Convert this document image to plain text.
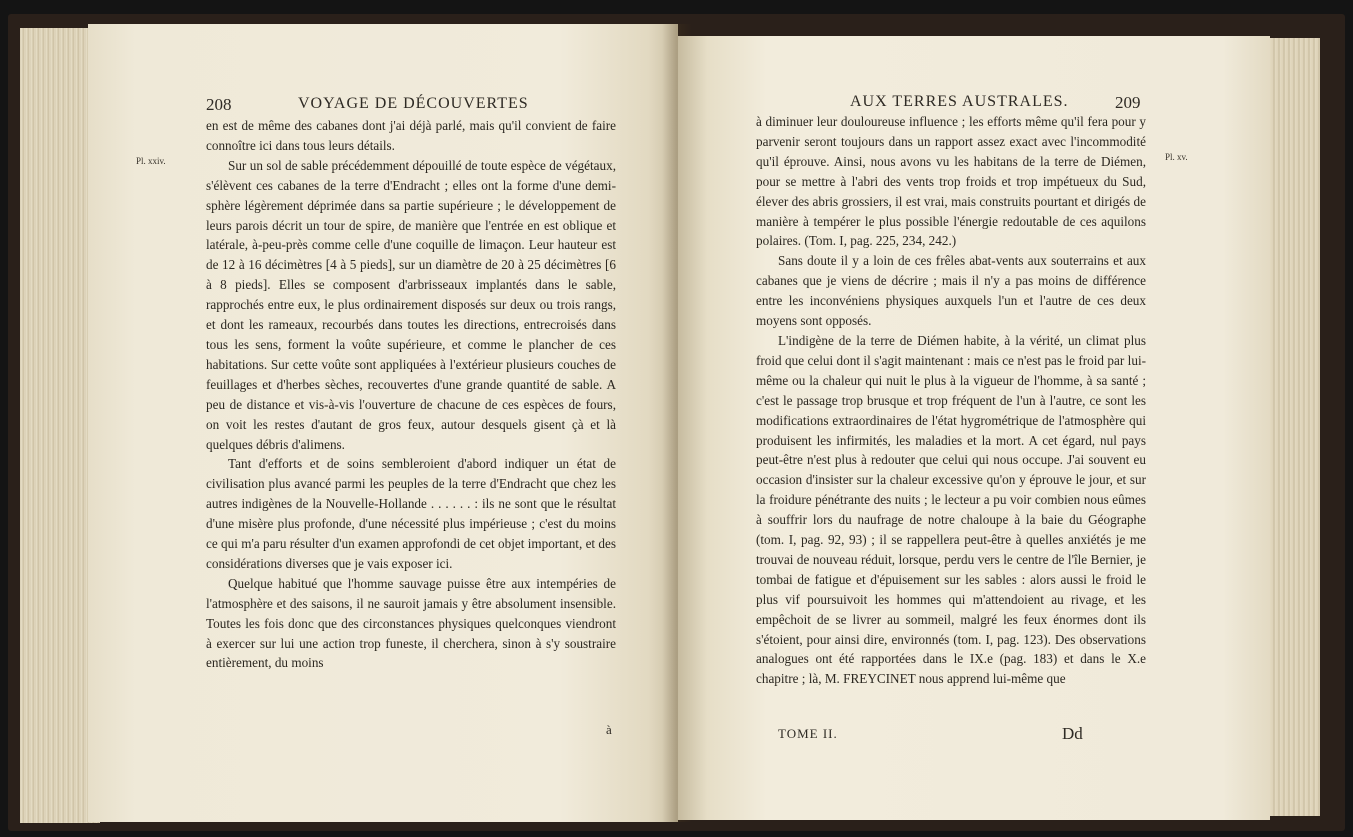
208	VOYAGE DE DÉCOUVERTES
Pl. xxiv.

en est de même des cabanes dont j'ai déjà parlé, mais qu'il convient de faire connoître ici dans tous leurs détails.

Sur un sol de sable précédemment dépouillé de toute espèce de végétaux, s'élèvent ces cabanes de la terre d'Endracht ; elles ont la forme d'une demi-sphère légèrement déprimée dans sa partie supérieure ; le développement de leurs parois décrit un tour de spire, de manière que l'entrée en est oblique et latérale, à-peu-près comme celle d'une coquille de limaçon. Leur hauteur est de 12 à 16 décimètres [4 à 5 pieds], sur un diamètre de 20 à 25 décimètres [6 à 8 pieds]. Elles se composent d'arbrisseaux implantés dans le sable, rapprochés entre eux, le plus ordinairement disposés sur deux ou trois rangs, et dont les rameaux, recourbés dans toutes les directions, entrecroisés dans tous les sens, forment la voûte supérieure, et comme le plancher de ces habitations. Sur cette voûte sont appliquées à l'extérieur plusieurs couches de feuillages et d'herbes sèches, recouvertes d'une grande quantité de sable. A peu de distance et vis-à-vis l'ouverture de chacune de ces espèces de fours, on voit les restes d'autant de gros feux, autour desquels gisent çà et là quelques débris d'alimens.

Tant d'efforts et de soins sembleroient d'abord indiquer un état de civilisation plus avancé parmi les peuples de la terre d'Endracht que chez les autres indigènes de la Nouvelle-Hollande . . . . . . : ils ne sont que le résultat d'une misère plus profonde, d'une nécessité plus impérieuse ; c'est du moins ce qui m'a paru résulter d'un examen approfondi de cet objet important, et des considérations diverses que je vais exposer ici.

Quelque habitué que l'homme sauvage puisse être aux intempéries de l'atmosphère et des saisons, il ne sauroit jamais y être absolument insensible. Toutes les fois donc que des circonstances physiques quelconques viendront à exercer sur lui une action trop funeste, il cherchera, sinon à s'y soustraire entièrement, du moins

à
AUX TERRES AUSTRALES.	209
Pl. xv.

à diminuer leur douloureuse influence ; les efforts même qu'il fera pour y parvenir seront toujours dans un rapport assez exact avec l'incommodité qu'il éprouve. Ainsi, nous avons vu les habitans de la terre de Diémen, pour se mettre à l'abri des vents trop froids et trop impétueux du Sud, élever des abris grossiers, il est vrai, mais construits pourtant et dirigés de manière à tempérer le plus possible l'énergie redoutable de ces aquilons polaires. (Tom. I, pag. 225, 234, 242.)

Sans doute il y a loin de ces frêles abat-vents aux souterrains et aux cabanes que je viens de décrire ; mais il n'y a pas moins de différence entre les inconvéniens physiques auxquels l'un et l'autre de ces deux moyens sont opposés.

L'indigène de la terre de Diémen habite, à la vérité, un climat plus froid que celui dont il s'agit maintenant : mais ce n'est pas le froid par lui-même ou la chaleur qui nuit le plus à la vigueur de l'homme, à sa santé ; c'est le passage trop brusque et trop fréquent de l'un à l'autre, ce sont les modifications extraordinaires de l'état hygrométrique de l'atmosphère qui produisent les infirmités, les maladies et la mort. A cet égard, nul pays peut-être n'est plus à redouter que celui qui nous occupe. J'ai souvent eu occasion d'insister sur la chaleur excessive qu'on y éprouve le jour, et sur la froidure pénétrante des nuits ; le lecteur a pu voir combien nous eûmes à souffrir lors du naufrage de notre chaloupe à la baie du Géographe (tom. I, pag. 92, 93) ; il se rappellera peut-être à quelles anxiétés je me trouvai de nouveau réduit, lorsque, perdu vers le centre de l'île Bernier, je tombai de fatigue et d'épuisement sur les sables : alors aussi le froid le plus vif poursuivoit les hommes qui m'attendoient au rivage, et les empêchoit de se livrer au sommeil, malgré les feux énormes dont ils s'étoient, pour ainsi dire, environnés (tom. I, pag. 123). Des observations analogues ont été rapportées dans le IX.e (pag. 183) et dans le X.e chapitre ; là, M. FREYCINET nous apprend lui-même que

TOME II.	Dd
